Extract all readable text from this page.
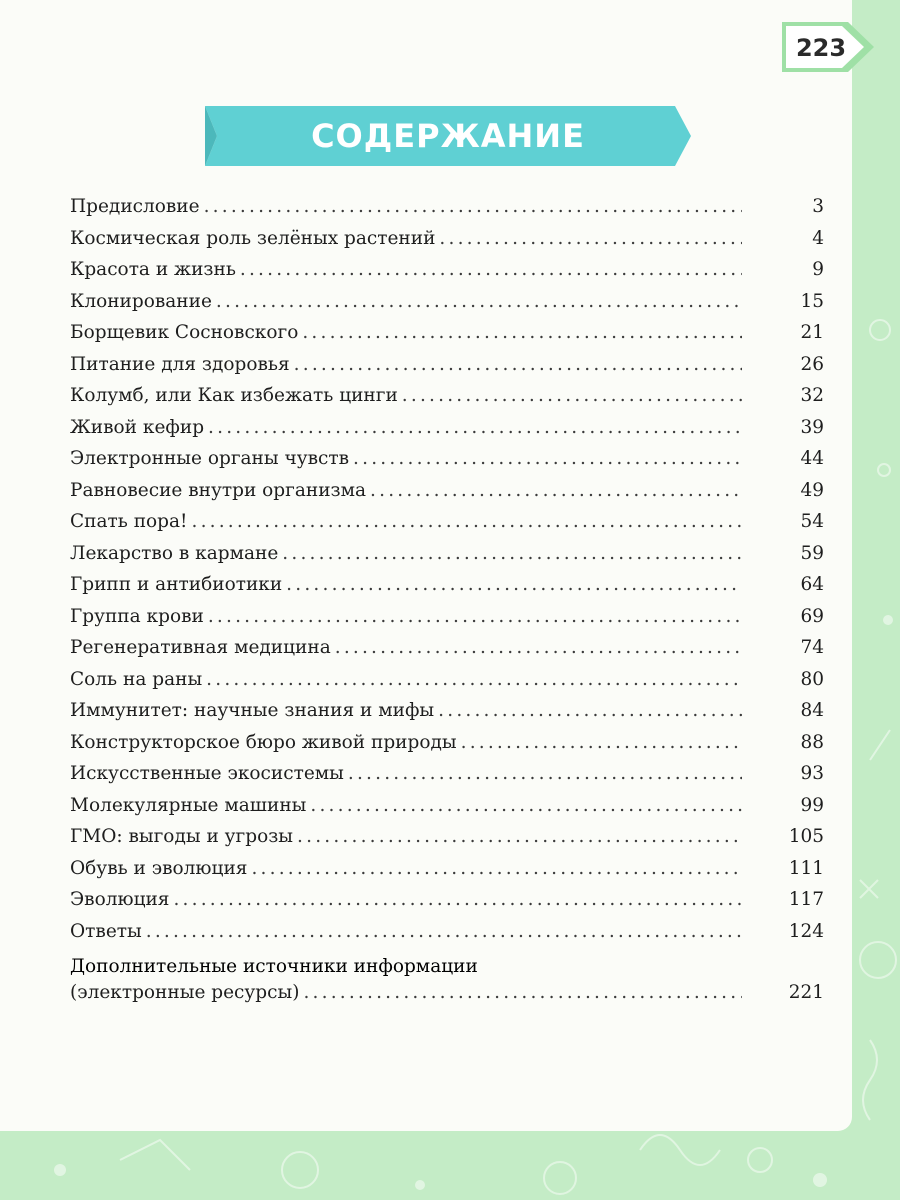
223
СОДЕРЖАНИЕ
Предисловие .....	3
Космическая роль зелёных растений .....	4
Красота и жизнь .....	9
Клонирование .....	15
Борщевик Сосновского .....	21
Питание для здоровья .....	26
Колумб, или Как избежать цинги .....	32
Живой кефир .....	39
Электронные органы чувств .....	44
Равновесие внутри организма .....	49
Спать пора! .....	54
Лекарство в кармане .....	59
Грипп и антибиотики .....	64
Группа крови .....	69
Регенеративная медицина .....	74
Соль на раны .....	80
Иммунитет: научные знания и мифы .....	84
Конструкторское бюро живой природы .....	88
Искусственные экосистемы .....	93
Молекулярные машины .....	99
ГМО: выгоды и угрозы .....	105
Обувь и эволюция .....	111
Эволюция .....	117
Ответы .....	124
Дополнительные источники информации
(электронные ресурсы) .....	221
